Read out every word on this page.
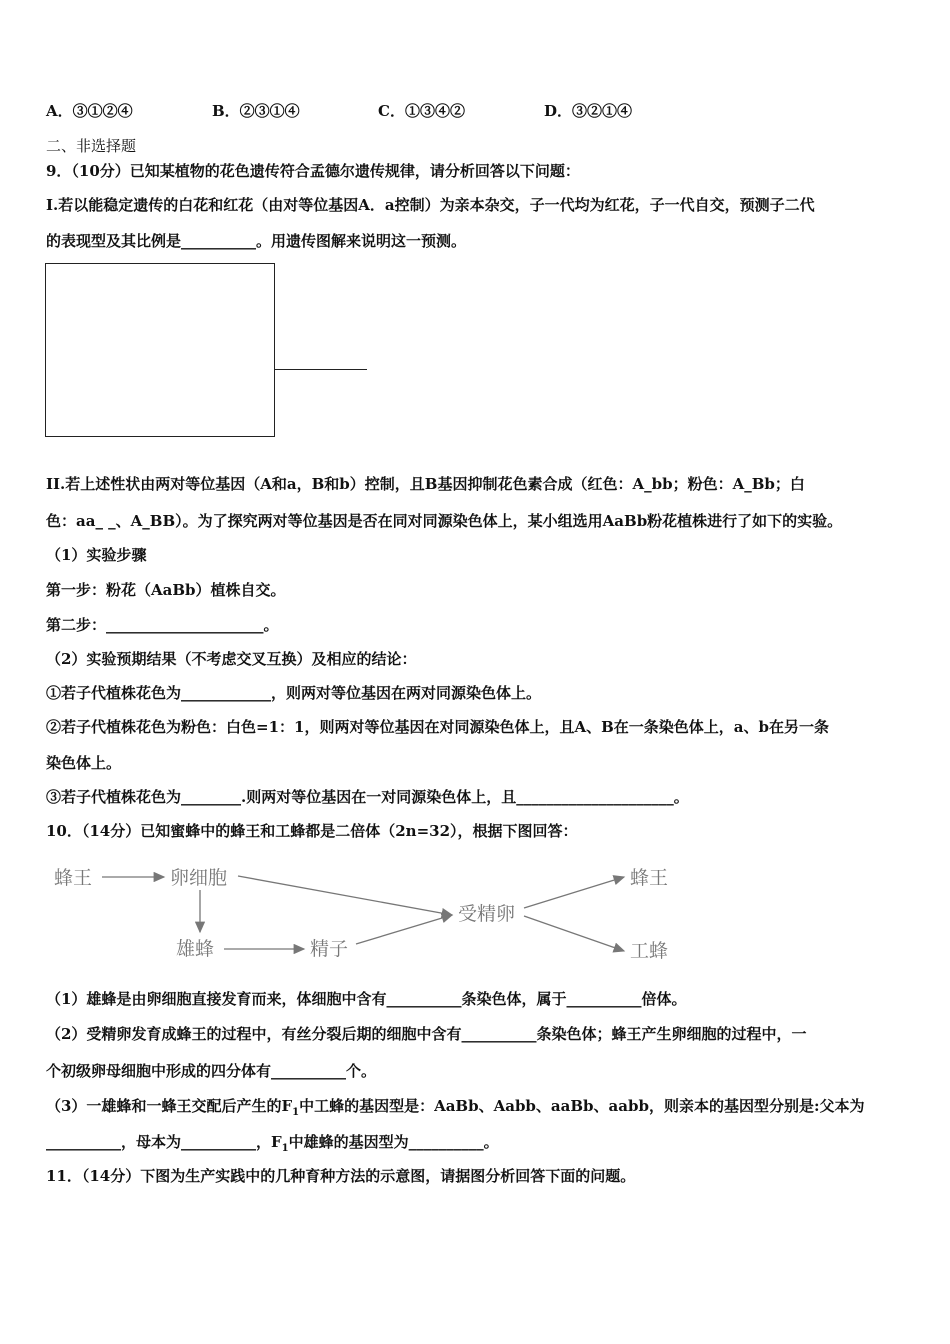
A．③①②④	B．②③①④	C．①③④②	D．③②①④
二、非选择题
9．（10分）已知某植物的花色遗传符合孟德尔遗传规律，请分析回答以下问题：
I.若以能稳定遗传的白花和红花（由对等位基因A．a控制）为亲本杂交，子一代均为红花，子一代自交，预测子二代
的表现型及其比例是__________。用遗传图解来说明这一预测。
II.若上述性状由两对等位基因（A和a，B和b）控制，且B基因抑制花色素合成（红色：A_bb；粉色：A_Bb；白
色：aa_ _、A_BB）。为了探究两对等位基因是否在同对同源染色体上，某小组选用AaBb粉花植株进行了如下的实验。
（1）实验步骤
第一步：粉花（AaBb）植株自交。
第二步：_____________________。
（2）实验预期结果（不考虑交叉互换）及相应的结论：
①若子代植株花色为____________，则两对等位基因在两对同源染色体上。
②若子代植株花色为粉色：白色=1：1，则两对等位基因在对同源染色体上，且A、B在一条染色体上，a、b在另一条
染色体上。
③若子代植株花色为________.则两对等位基因在一对同源染色体上，且_____________________。
10．（14分）已知蜜蜂中的蜂王和工蜂都是二倍体（2n=32），根据下图回答：
蜂王	卵细胞
雄蜂	精子
受精卵
蜂王
工蜂
（1）雄蜂是由卵细胞直接发育而来，体细胞中含有__________条染色体，属于__________倍体。
（2）受精卵发育成蜂王的过程中，有丝分裂后期的细胞中含有__________条染色体；蜂王产生卵细胞的过程中，一
个初级卵母细胞中形成的四分体有__________个。
（3）一雄蜂和一蜂王交配后产生的$F_1$中工蜂的基因型是：AaBb、Aabb、aaBb、aabb，则亲本的基因型分别是:父本为
__________，母本为__________，$F_1$中雄蜂的基因型为__________。
11．（14分）下图为生产实践中的几种育种方法的示意图，请据图分析回答下面的问题。
